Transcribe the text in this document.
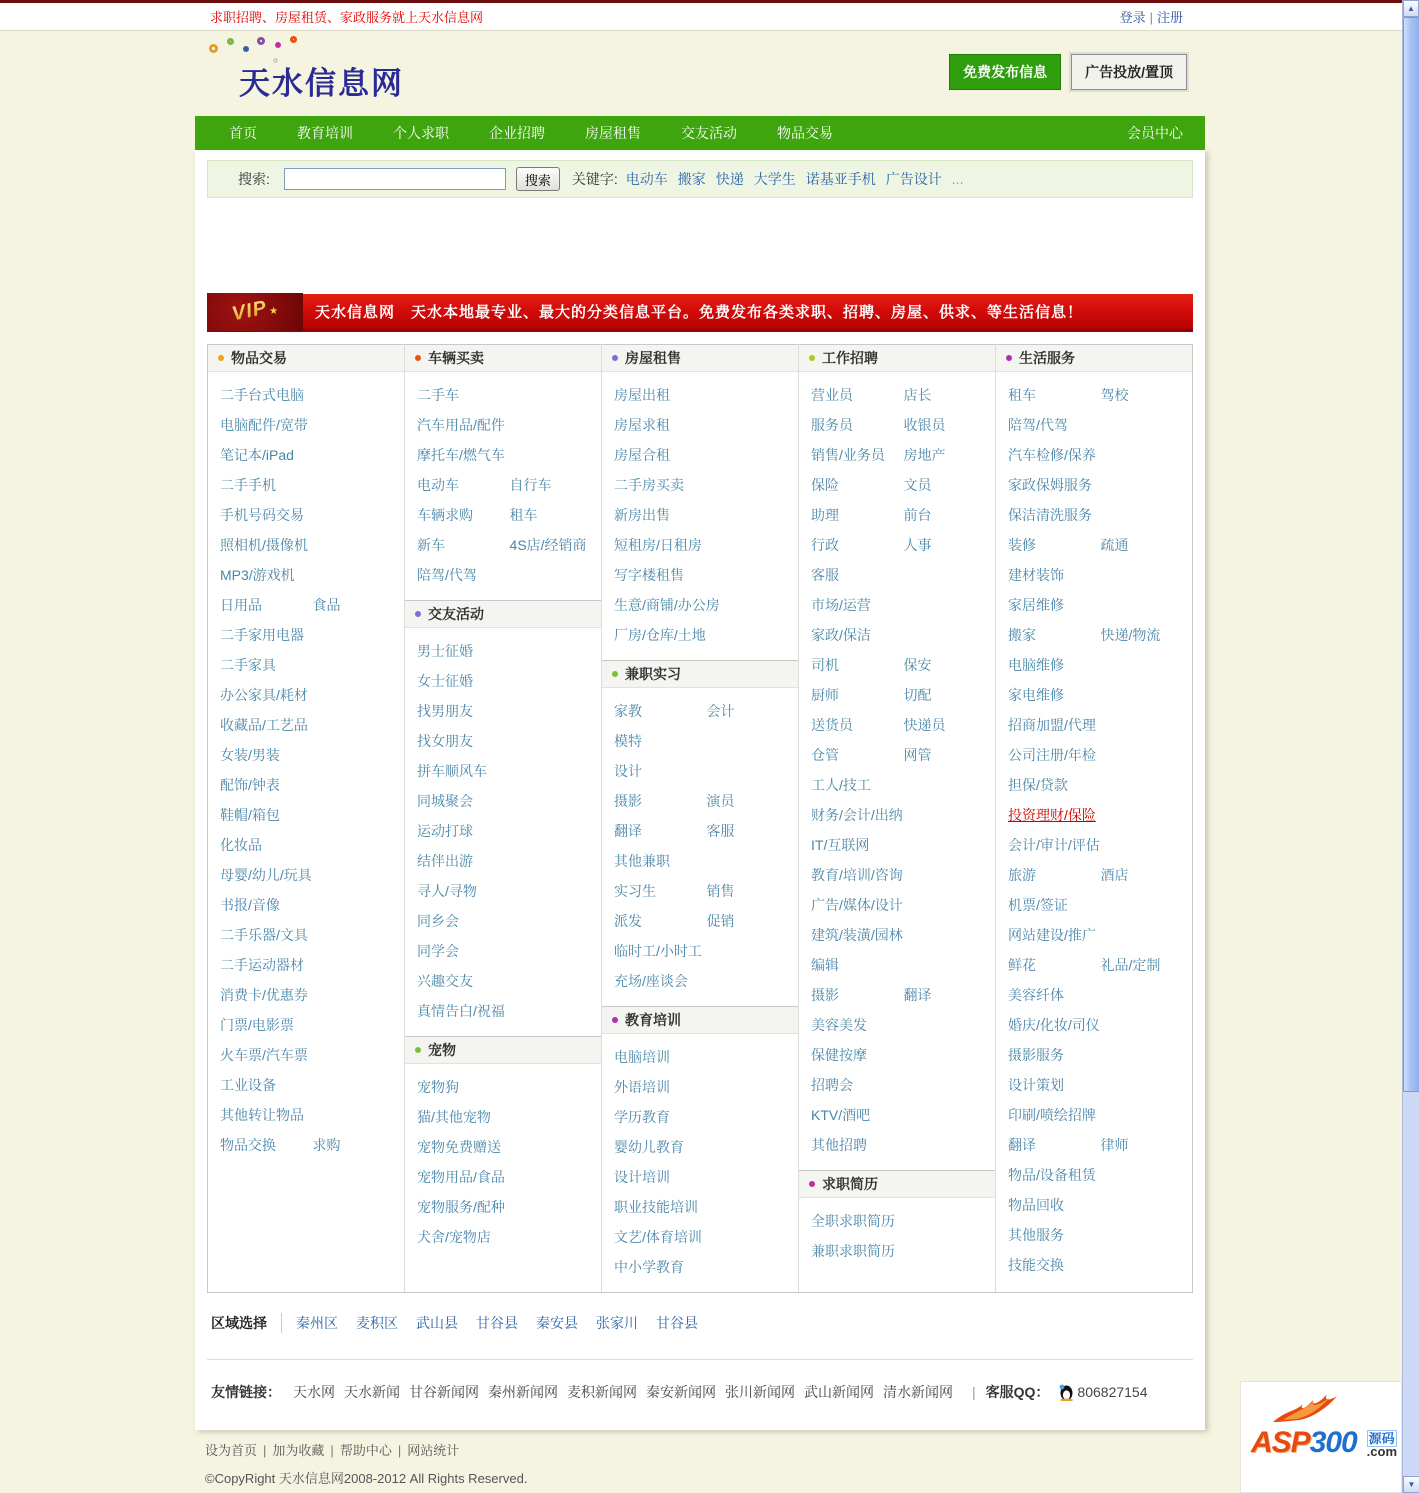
求职招聘、房屋租赁、家政服务就上天水信息网	登录 | 注册
天水信息网	免费发布信息	广告投放/置顶
首页	教育培训	个人求职	企业招聘	房屋租售	交友活动	物品交易	会员中心
搜索:	搜索	关键字: 电动车 搬家 快递 大学生 诺基亚手机 广告设计 ...
VIP ★ 天水信息网　天水本地最专业、最大的分类信息平台。免费发布各类求职、招聘、房屋、供求、等生活信息！
物品交易
二手台式电脑
电脑配件/宽带
笔记本/iPad
二手手机
手机号码交易
照相机/摄像机
MP3/游戏机
日用品	食品
二手家用电器
二手家具
办公家具/耗材
收藏品/工艺品
女装/男装
配饰/钟表
鞋帽/箱包
化妆品
母婴/幼儿/玩具
书报/音像
二手乐器/文具
二手运动器材
消费卡/优惠券
门票/电影票
火车票/汽车票
工业设备
其他转让物品
物品交换	求购
车辆买卖
二手车
汽车用品/配件
摩托车/燃气车
电动车	自行车
车辆求购	租车
新车	4S店/经销商
陪驾/代驾
交友活动
男士征婚
女士征婚
找男朋友
找女朋友
拼车顺风车
同城聚会
运动打球
结伴出游
寻人/寻物
同乡会
同学会
兴趣交友
真情告白/祝福
宠物
宠物狗
猫/其他宠物
宠物免费赠送
宠物用品/食品
宠物服务/配种
犬舍/宠物店
房屋租售
房屋出租
房屋求租
房屋合租
二手房买卖
新房出售
短租房/日租房
写字楼租售
生意/商铺/办公房
厂房/仓库/土地
兼职实习
家教	会计
模特
设计
摄影	演员
翻译	客服
其他兼职
实习生	销售
派发	促销
临时工/小时工
充场/座谈会
教育培训
电脑培训
外语培训
学历教育
婴幼儿教育
设计培训
职业技能培训
文艺/体育培训
中小学教育
工作招聘
营业员	店长
服务员	收银员
销售/业务员	房地产
保险	文员
助理	前台
行政	人事
客服
市场/运营
家政/保洁
司机	保安
厨师	切配
送货员	快递员
仓管	网管
工人/技工
财务/会计/出纳
IT/互联网
教育/培训/咨询
广告/媒体/设计
建筑/装潢/园林
编辑
摄影	翻译
美容美发
保健按摩
招聘会
KTV/酒吧
其他招聘
求职简历
全职求职简历
兼职求职简历
生活服务
租车	驾校
陪驾/代驾
汽车检修/保养
家政保姆服务
保洁清洗服务
装修	疏通
建材装饰
家居维修
搬家	快递/物流
电脑维修
家电维修
招商加盟/代理
公司注册/年检
担保/贷款
投资理财/保险
会计/审计/评估
旅游	酒店
机票/签证
网站建设/推广
鲜花	礼品/定制
美容纤体
婚庆/化妆/司仪
摄影服务
设计策划
印刷/喷绘招牌
翻译	律师
物品/设备租赁
物品回收
其他服务
技能交换
区域选择	秦州区 麦积区 武山县 甘谷县 秦安县 张家川 甘谷县
友情链接： 天水网 天水新闻 甘谷新闻网 秦州新闻网 麦积新闻网 秦安新闻网 张川新闻网 武山新闻网 清水新闻网	| 客服QQ： 806827154
设为首页 | 加为收藏 | 帮助中心 | 网站统计
©CopyRight 天水信息网2008-2012 All Rights Reserved.
▲
▼
ASP300 源码
.com
